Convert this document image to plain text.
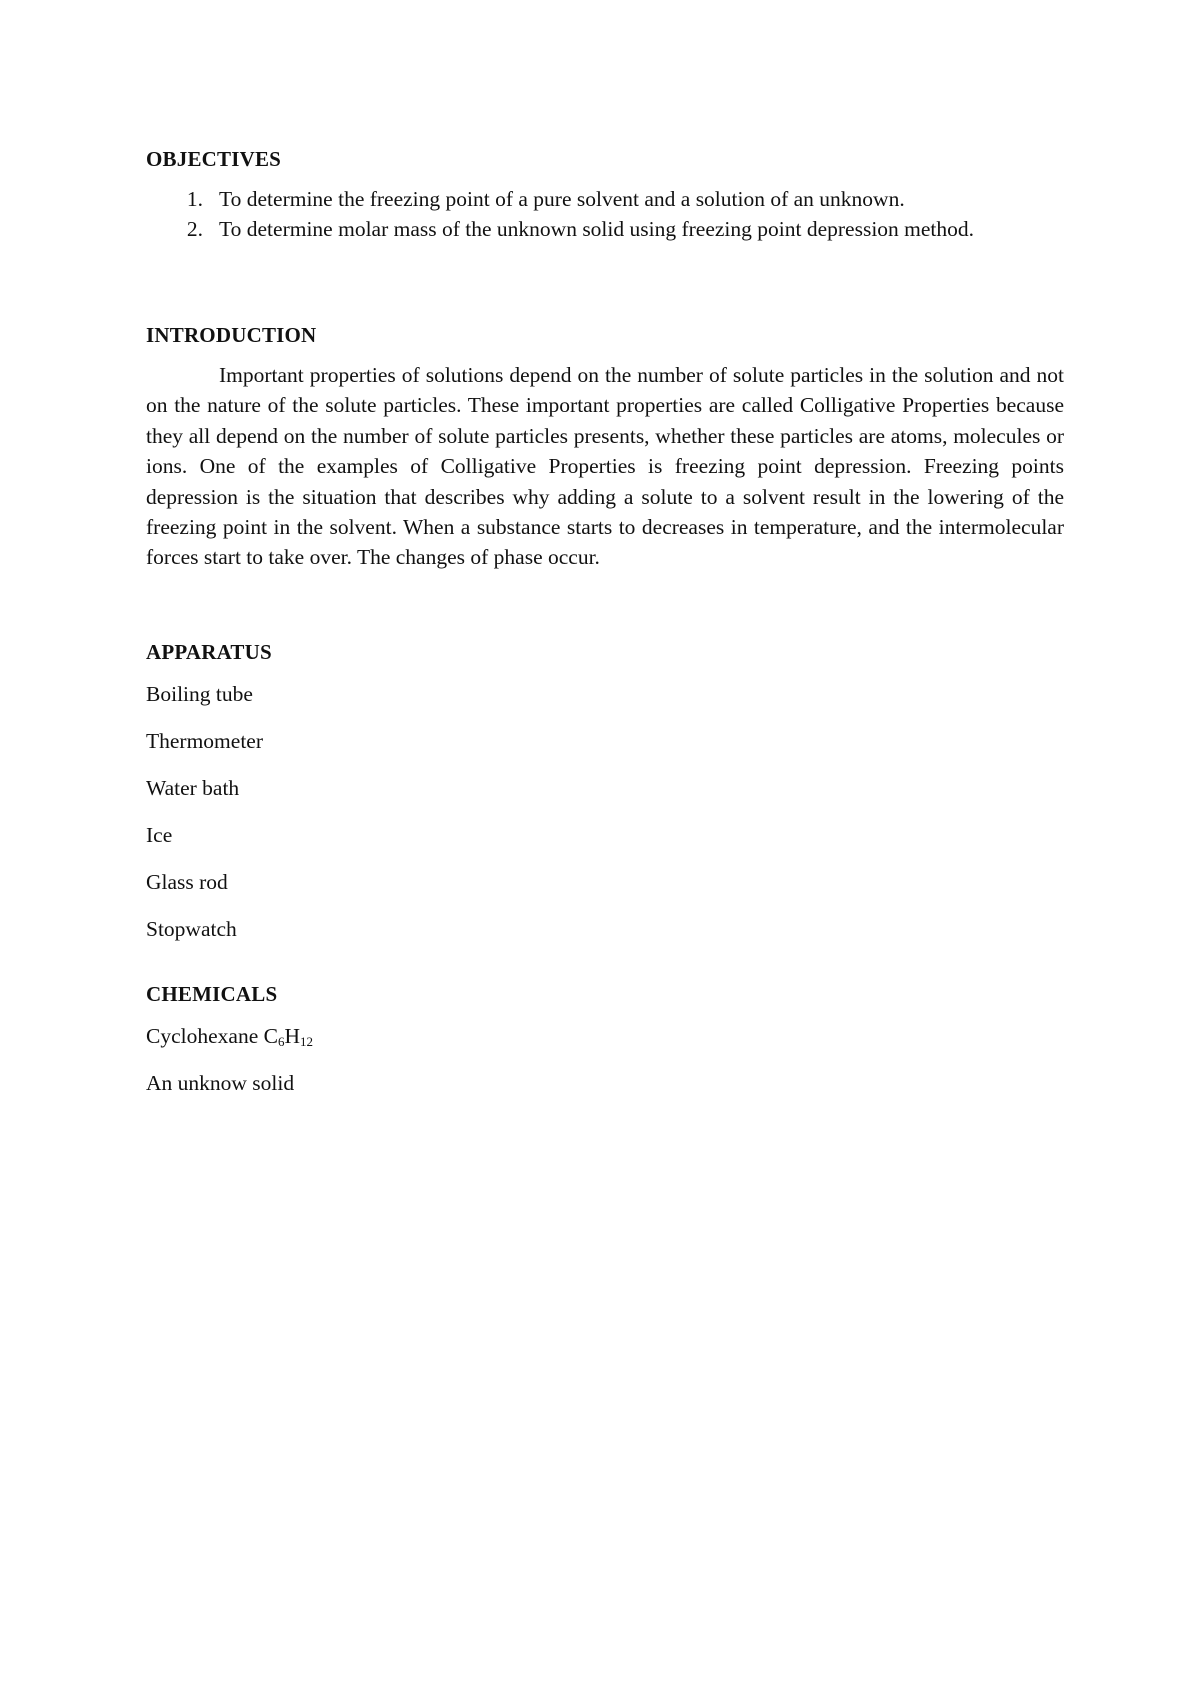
OBJECTIVES
1. To determine the freezing point of a pure solvent and a solution of an unknown.
2. To determine molar mass of the unknown solid using freezing point depression method.
INTRODUCTION

Important properties of solutions depend on the number of solute particles in the solution and not on the nature of the solute particles. These important properties are called Colligative Properties because they all depend on the number of solute particles presents, whether these particles are atoms, molecules or ions. One of the examples of Colligative Properties is freezing point depression. Freezing points depression is the situation that describes why adding a solute to a solvent result in the lowering of the freezing point in the solvent. When a substance starts to decreases in temperature, and the intermolecular forces start to take over. The changes of phase occur.

APPARATUS
Boiling tube
Thermometer
Water bath
Ice
Glass rod
Stopwatch
CHEMICALS
Cyclohexane $C_6H_{12}$
An unknow solid
